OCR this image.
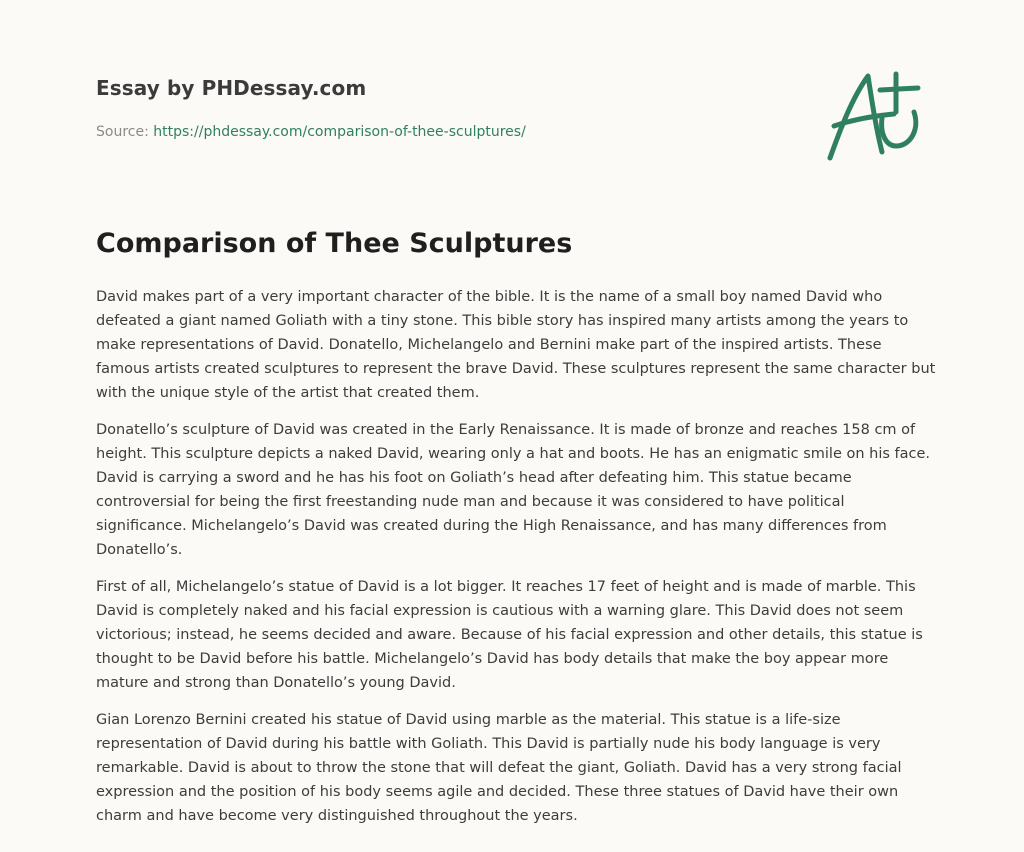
Essay by PHDessay.com
Source: https://phdessay.com/comparison-of-thee-sculptures/
Comparison of Thee Sculptures

David makes part of a very important character of the bible. It is the name of a small boy named David who defeated a giant named Goliath with a tiny stone. This bible story has inspired many artists among the years to make representations of David. Donatello, Michelangelo and Bernini make part of the inspired artists. These famous artists created sculptures to represent the brave David. These sculptures represent the same character but with the unique style of the artist that created them.

Donatello’s sculpture of David was created in the Early Renaissance. It is made of bronze and reaches 158 cm of height. This sculpture depicts a naked David, wearing only a hat and boots. He has an enigmatic smile on his face. David is carrying a sword and he has his foot on Goliath’s head after defeating him. This statue became controversial for being the first freestanding nude man and because it was considered to have political significance. Michelangelo’s David was created during the High Renaissance, and has many differences from Donatello’s.

First of all, Michelangelo’s statue of David is a lot bigger. It reaches 17 feet of height and is made of marble. This David is completely naked and his facial expression is cautious with a warning glare. This David does not seem victorious; instead, he seems decided and aware. Because of his facial expression and other details, this statue is thought to be David before his battle. Michelangelo’s David has body details that make the boy appear more mature and strong than Donatello’s young David.

Gian Lorenzo Bernini created his statue of David using marble as the material. This statue is a life-size representation of David during his battle with Goliath. This David is partially nude his body language is very remarkable. David is about to throw the stone that will defeat the giant, Goliath. David has a very strong facial expression and the position of his body seems agile and decided. These three statues of David have their own charm and have become very distinguished throughout the years.
